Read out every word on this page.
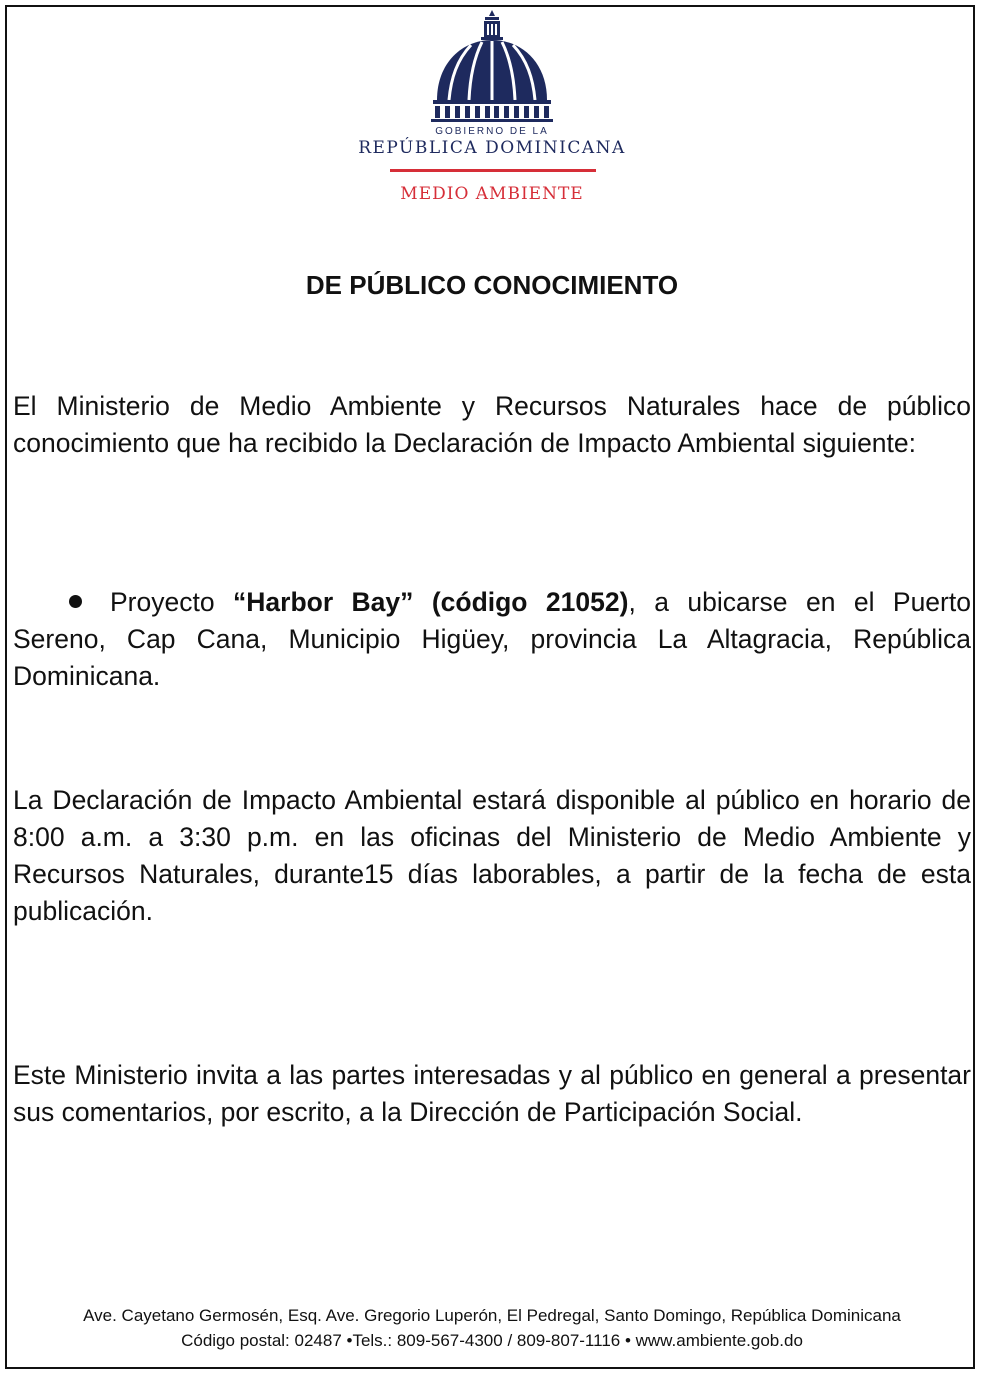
GOBIERNO DE LA
REPÚBLICA DOMINICANA
MEDIO AMBIENTE
DE PÚBLICO CONOCIMIENTO

El Ministerio de Medio Ambiente y Recursos Naturales hace de público conocimiento que ha recibido la Declaración de Impacto Ambiental siguiente:

Proyecto “Harbor Bay” (código 21052), a ubicarse en el Puerto Sereno, Cap Cana, Municipio Higüey, provincia La Altagracia, República Dominicana.

La Declaración de Impacto Ambiental estará disponible al público en horario de 8:00 a.m. a 3:30 p.m. en las oficinas del Ministerio de Medio Ambiente y Recursos Naturales, durante15 días laborables, a partir de la fecha de esta publicación.

Este Ministerio invita a las partes interesadas y al público en general a presentar sus comentarios, por escrito, a la Dirección de Participación Social.

Ave. Cayetano Germosén, Esq. Ave. Gregorio Luperón, El Pedregal, Santo Domingo, República Dominicana
Código postal: 02487 •Tels.: 809-567-4300 / 809-807-1116 • www.ambiente.gob.do
